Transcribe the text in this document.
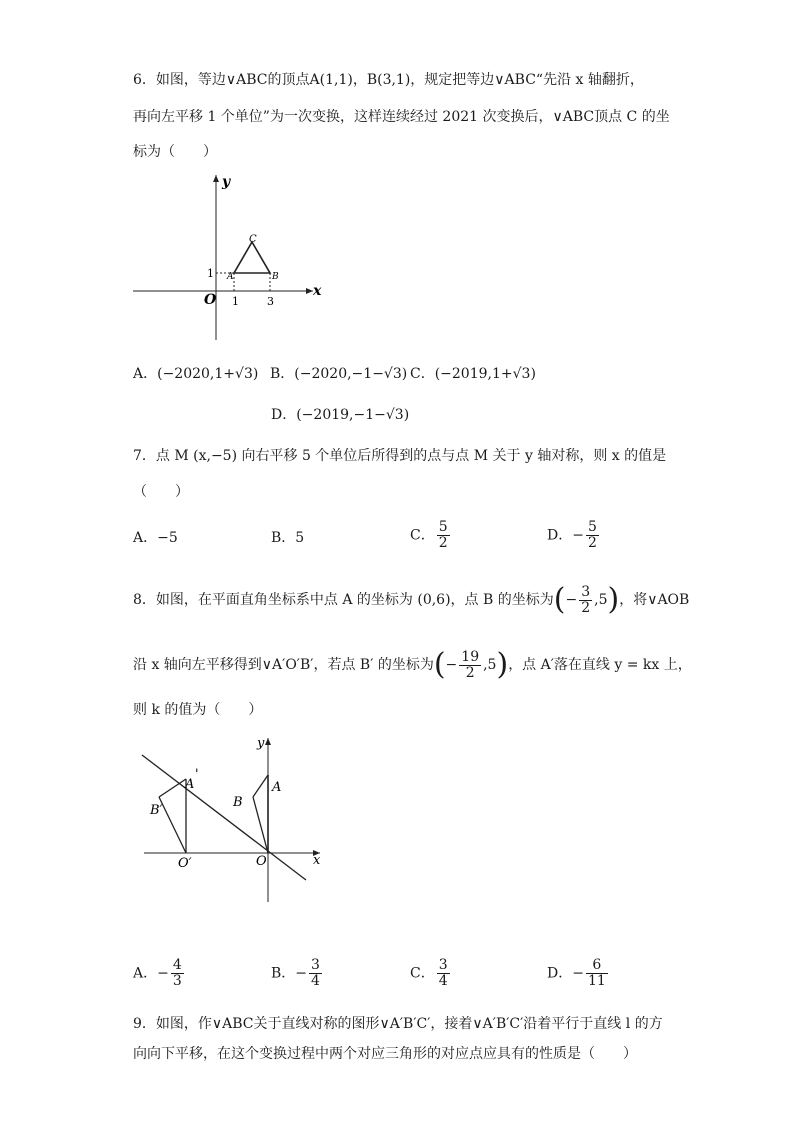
6．如图，等边∨ABC的顶点A(1,1)，B(3,1)，规定把等边∨ABC“先沿 x 轴翻折，
再向左平移 1 个单位”为一次变换，这样连续经过 2021 次变换后，∨ABC顶点 C 的坐
标为（　　）
y
x
O
C
A	B
1
1	3
A．(−2020,1+√3) B．(−2020,−1−√3) C．(−2019,1+√3)
D．(−2019,−1−√3)
7．点 M (x,−5) 向右平移 5 个单位后所得到的点与点 M 关于 y 轴对称，则 x 的值是
（　　）
A．−5	B．5	C． $\frac{5}{2}$	D．− $\frac{5}{2}$
8．如图，在平面直角坐标系中点 A 的坐标为 (0,6)，点 B 的坐标为(− $\frac{3}{2} ,5$)，将∨AOB
沿 x 轴向左平移得到∨A′O′B′，若点 B′ 的坐标为(− $\frac{19}{2} ,5$)，点 A′落在直线 y = kx 上，
则 k 的值为（　　）
y
x
O
O′
A
A
'
B
B′
A．− $\frac{4}{3}$	B．− $\frac{3}{4}$	C． $\frac{3}{4}$	D．− $\frac{6}{11}$
9．如图，作∨ABC关于直线对称的图形∨A′B′C′，接着∨A′B′C′沿着平行于直线 l 的方
向向下平移，在这个变换过程中两个对应三角形的对应点应具有的性质是（　　）
